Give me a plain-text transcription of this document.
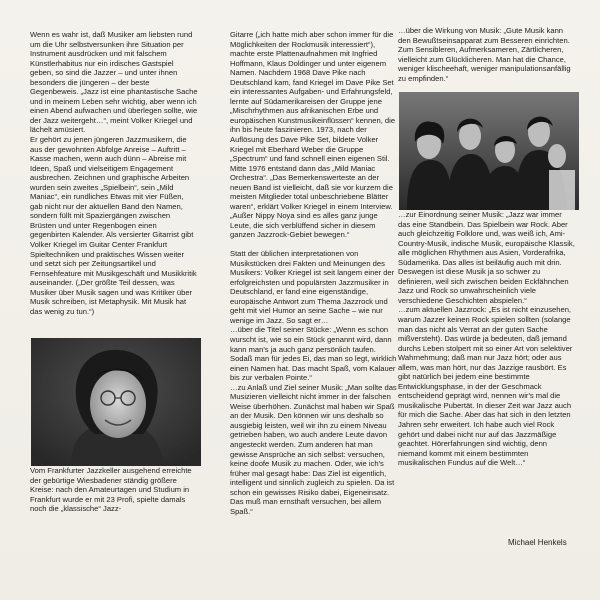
Wenn es wahr ist, daß Musiker am liebsten rund um die Uhr selbstversunken ihre Situation per Instrument ausdrücken und mit falschem Künstlerhabitus nur ein irdisches Gastspiel geben, so sind die Jazzer – und unter ihnen besonders die jüngeren – der beste Gegenbeweis. „Jazz ist eine phantastische Sache und in meinem Leben sehr wichtig, aber wenn ich einen Abend aufwachen und überlegen sollte, wie der Jazz weitergeht…“, meint Volker Kriegel und lächelt amüsiert.
Er gehört zu jenen jüngeren Jazzmusikern, die aus der gewohnten Abfolge Anreise – Auftritt – Kasse machen, wenn auch dünn – Abreise mit Ideen, Spaß und vielseitigem Engagement ausbrechen. Zeichnen und graphische Arbeiten wurden sein zweites „Spielbein“, sein „Mild Maniac“, ein rundliches Etwas mit vier Füßen, gab nicht nur der aktuellen Band den Namen, sondern füllt mit Spaziergängen zwischen Brüsten und unter Regenbogen einen gegenbirten Kalender. Als versierter Gitarrist gibt Volker Kriegel im Guitar Center Frankfurt Spieltechniken und praktisches Wissen weiter und setzt sich per Zeitungsartikel und Fernsehfeature mit Musikgeschäft und Musikkritik auseinander. („Der größte Teil dessen, was Musiker über Musik sagen und was Kritiker über Musik schreiben, ist Metaphysik. Mit Musik hat das wenig zu tun.“)

Vom Frankfurter Jazzkeller ausgehend erreichte der gebürtige Wiesbadener ständig größere Kreise: nach den Amateurtagen und Studium in Frankfurt wurde er mit 23 Profi, spielte damals noch die „klassische“ Jazz-

Gitarre („ich hatte mich aber schon immer für die Möglichkeiten der Rockmusik interessiert“), machte erste Plattenaufnahmen mit Ingfried Hoffmann, Klaus Doldinger und unter eigenem Namen. Nachdem 1968 Dave Pike nach Deutschland kam, fand Kriegel im Dave Pike Set ein interessantes Aufgaben- und Erfahrungsfeld, lernte auf Südamerikareisen der Gruppe jene „Mischrhythmen aus afrikanischen Erbe und europäischen Kunstmusikeinflüssen“ kennen, die ihn bis heute faszinieren. 1973, nach der Auflösung des Dave Pike Set, bildete Volker Kriegel mit Eberhard Weber die Gruppe „Spectrum“ und fand schnell einen eigenen Stil. Mitte 1976 entstand dann das „Mild Maniac Orchestra“. „Das Bemerkenswerteste an der neuen Band ist vielleicht, daß sie vor kurzem die meisten Mitglieder total unbeschriebene Blätter waren“, erklärt Volker Kriegel in einem Interview. „Außer Nippy Noya sind es alles ganz junge Leute, die sich verblüffend sicher in diesem ganzen Jazzrock-Gebiet bewegen.“

Statt der üblichen interpretationen von Musikstücken drei Fakten und Meinungen des Musikers: Volker Kriegel ist seit langem einer der erfolgreichsten und populärsten Jazzmusiker in Deutschland, er fand eine eigenständige, europäische Antwort zum Thema Jazzrock und geht mit viel Humor an seine Sache – wie nur wenige im Jazz. So sagt er…
…über die Titel seiner Stücke: „Wenn es schon wurscht ist, wie so ein Stück genannt wird, dann kann man's ja auch ganz persönlich taufen. Sodaß man für jedes Ei, das man so legt, wirklich einen Namen hat. Das macht Spaß, vom Kalauer bis zur verbalen Pointe.“
…zu Anlaß und Ziel seiner Musik: „Man sollte das Musizieren vielleicht nicht immer in der falschen Weise überhöhen. Zunächst mal haben wir Spaß an der Musik. Den können wir uns deshalb so ausgiebig leisten, weil wir ihn zu einem Niveau getrieben haben, wo auch andere Leute davon angesteckt werden. Zum anderen hat man gewisse Ansprüche an sich selbst: versuchen, keine doofe Musik zu machen. Oder, wie ich's früher mal gesagt habe: Das Ziel ist eigentlich, intelligent und sinnlich zugleich zu spielen. Da ist schon ein gewisses Risiko dabei, Eigeneinsatz. Das muß man ernsthaft versuchen, bei allem Spaß.“

…über die Wirkung von Musik: „Gute Musik kann den Bewußtseinsapparat zum Besseren einrichten. Zum Sensibleren, Aufmerksameren, Zärtlicheren, vielleicht zum Glücklicheren. Man hat die Chance, weniger klischeehaft, weniger manipulationsanfällig zu empfinden.“

…zur Einordnung seiner Musik: „Jazz war immer das eine Standbein. Das Spielbein war Rock. Aber auch gleichzeitig Folklore und, was weiß ich, Ami-Country-Musik, indische Musik, europäische Klassik, alle möglichen Rhythmen aus Asien, Vorderafrika, Südamerika. Das alles ist beiläufig auch mit drin. Deswegen ist diese Musik ja so schwer zu definieren, weil sich zwischen beiden Eckfähnchen Jazz und Rock so unwahrscheinlich viele verschiedene Geschichten abspielen.“
…zum aktuellen Jazzrock: „Es ist nicht einzusehen, warum Jazzer keinen Rock spielen sollten (solange man das nicht als Verrat an der guten Sache mißversteht). Das würde ja bedeuten, daß jemand durchs Leben stolpert mit so einer Art von selektiver Wahrnehmung; daß man nur Jazz hört; oder aus allem, was man hört, nur das Jazzige rausbört. Es gibt natürlich bei jedem eine bestimmte Entwicklungsphase, in der der Geschmack entscheidend geprägt wird, nennen wir's mal die musikalische Pubertät. In dieser Zeit war Jazz auch für mich die Sache. Aber das hat sich in den letzten Jahren sehr erweitert. Ich habe auch viel Rock gehört und dabei nicht nur auf das Jazzmäßige geachtet. Hörerfahrungen sind wichtig, denn niemand kommt mit einem bestimmten musikalischen Fundus auf die Welt…“

Michael Henkels
